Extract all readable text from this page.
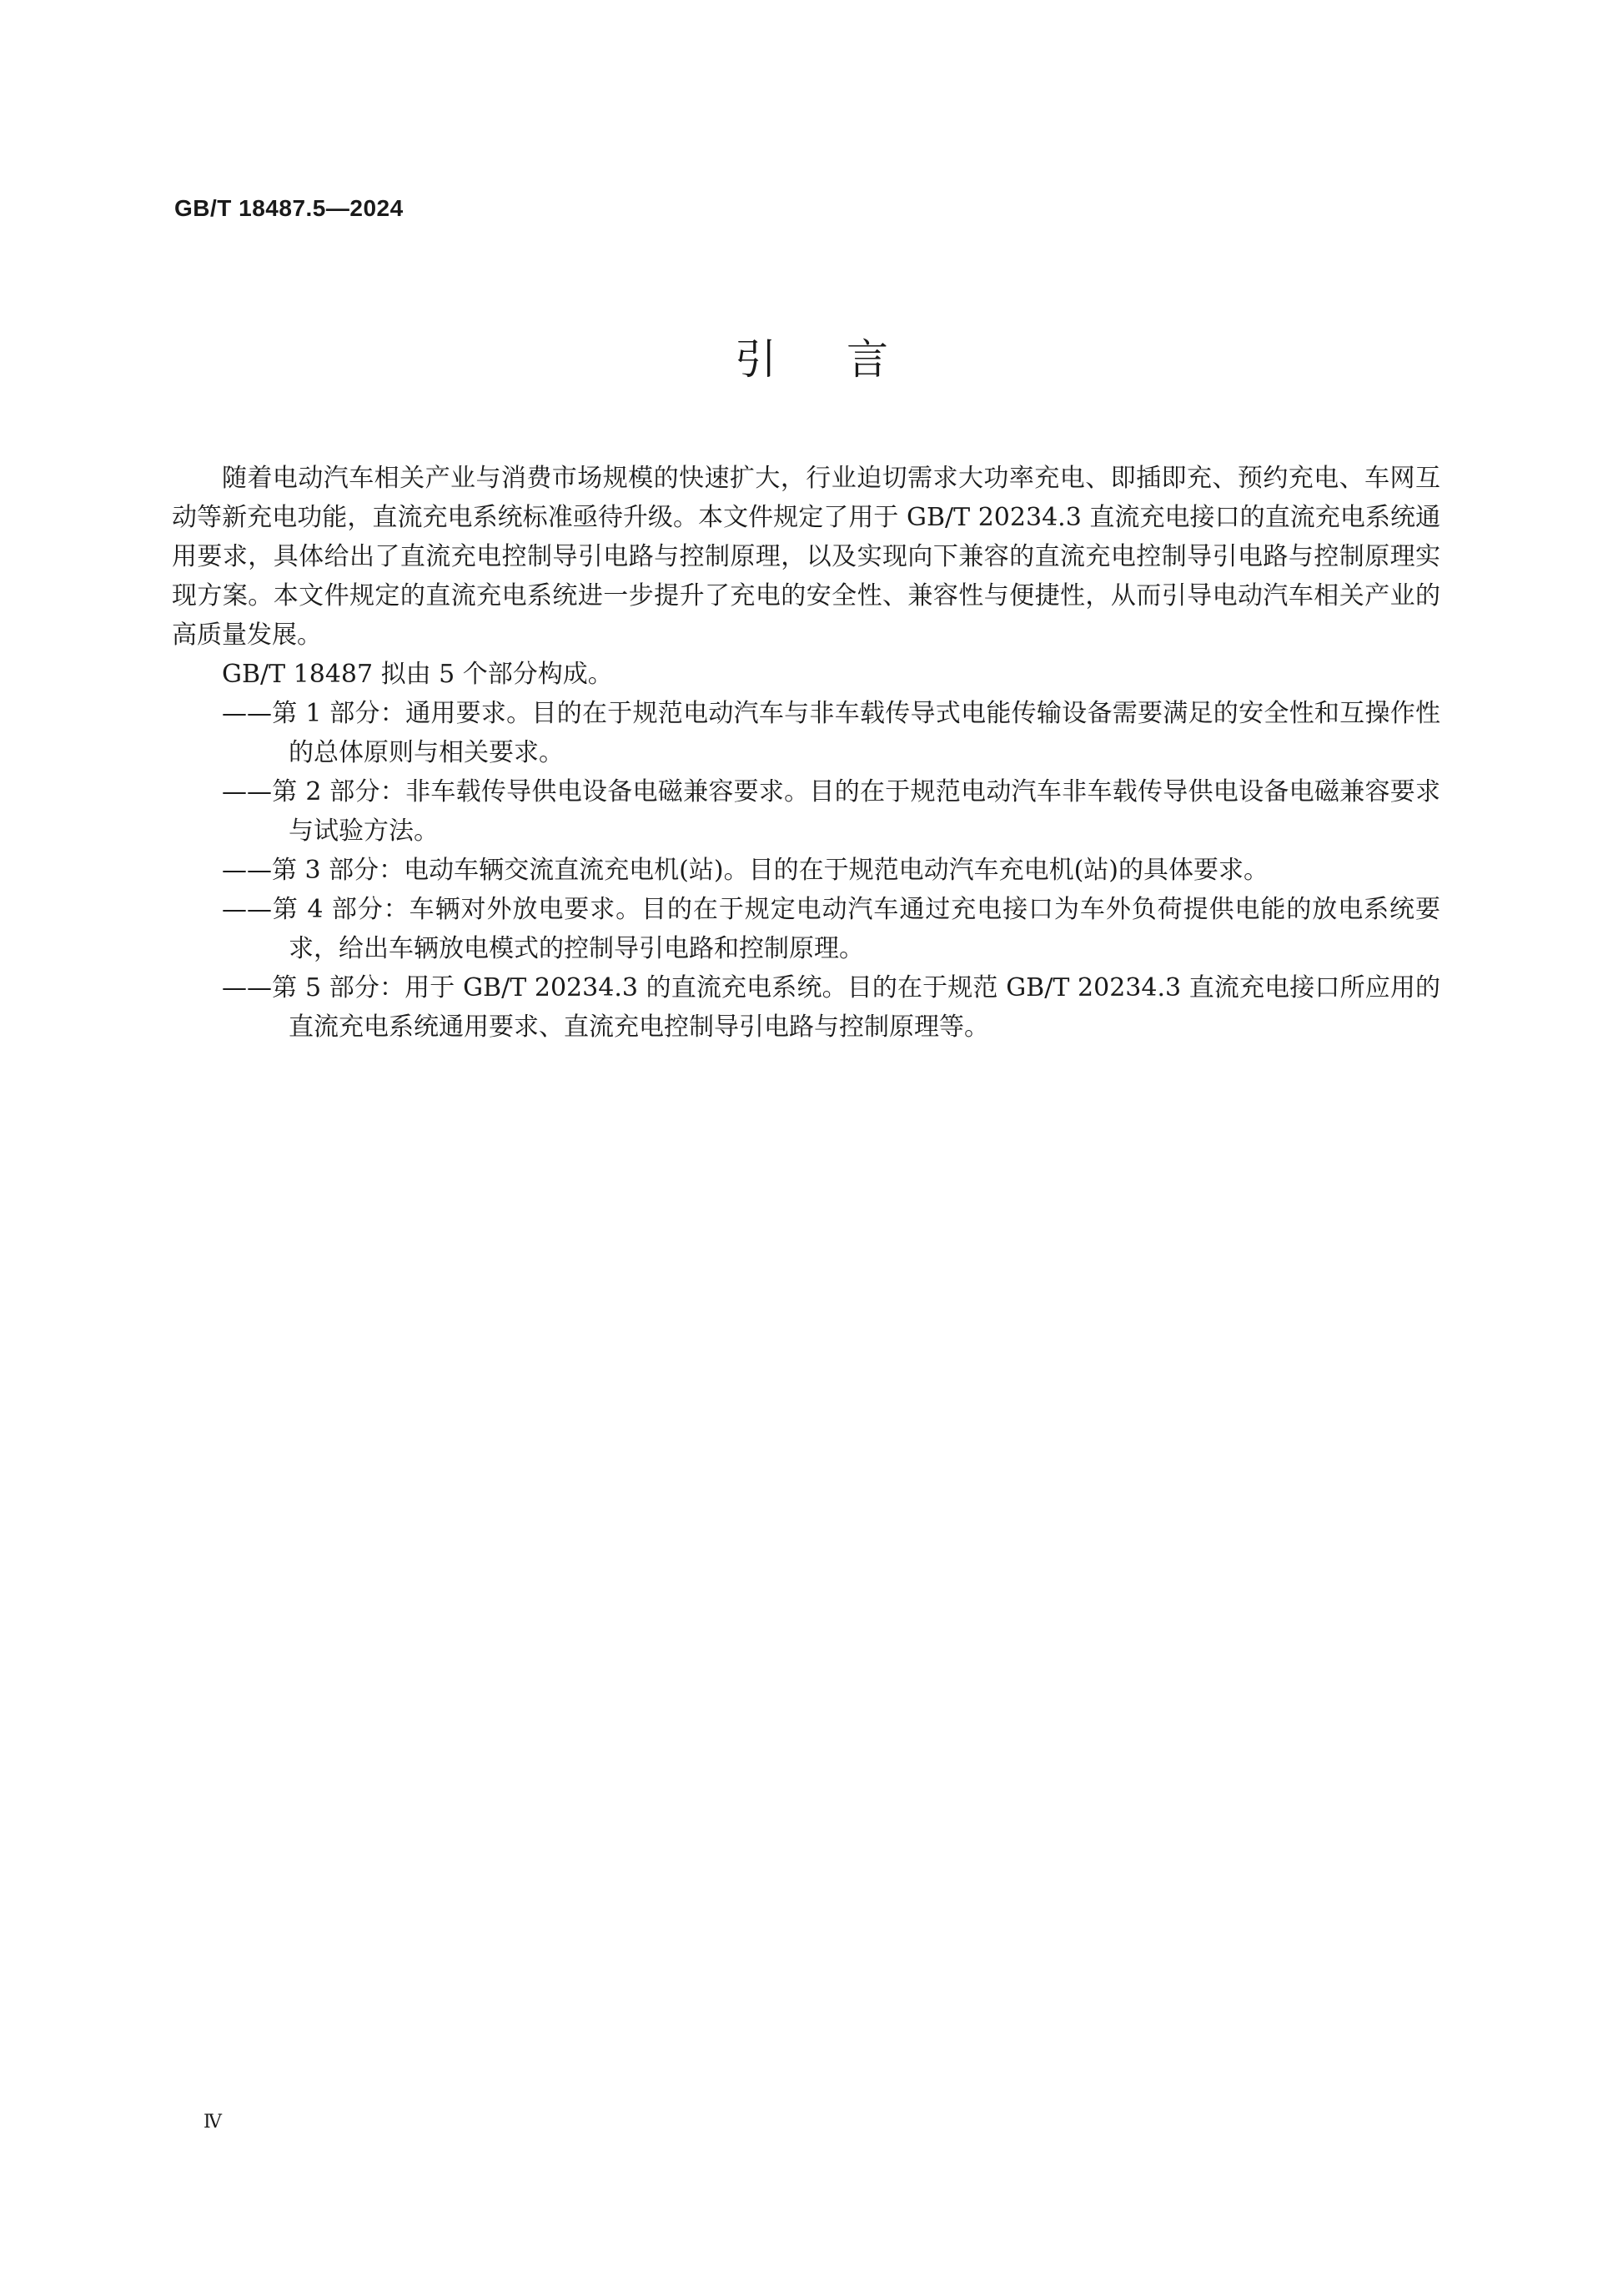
GB/T 18487.5—2024
引言

随着电动汽车相关产业与消费市场规模的快速扩大，行业迫切需求大功率充电、即插即充、预约充电、车网互动等新充电功能，直流充电系统标准亟待升级。本文件规定了用于 GB/T 20234.3 直流充电接口的直流充电系统通用要求，具体给出了直流充电控制导引电路与控制原理，以及实现向下兼容的直流充电控制导引电路与控制原理实现方案。本文件规定的直流充电系统进一步提升了充电的安全性、兼容性与便捷性，从而引导电动汽车相关产业的高质量发展。

GB/T 18487 拟由 5 个部分构成。

——第 1 部分：通用要求。目的在于规范电动汽车与非车载传导式电能传输设备需要满足的安全性和互操作性的总体原则与相关要求。

——第 2 部分：非车载传导供电设备电磁兼容要求。目的在于规范电动汽车非车载传导供电设备电磁兼容要求与试验方法。

——第 3 部分：电动车辆交流直流充电机(站)。目的在于规范电动汽车充电机(站)的具体要求。

——第 4 部分：车辆对外放电要求。目的在于规定电动汽车通过充电接口为车外负荷提供电能的放电系统要求，给出车辆放电模式的控制导引电路和控制原理。

——第 5 部分：用于 GB/T 20234.3 的直流充电系统。目的在于规范 GB/T 20234.3 直流充电接口所应用的直流充电系统通用要求、直流充电控制导引电路与控制原理等。

Ⅳ
